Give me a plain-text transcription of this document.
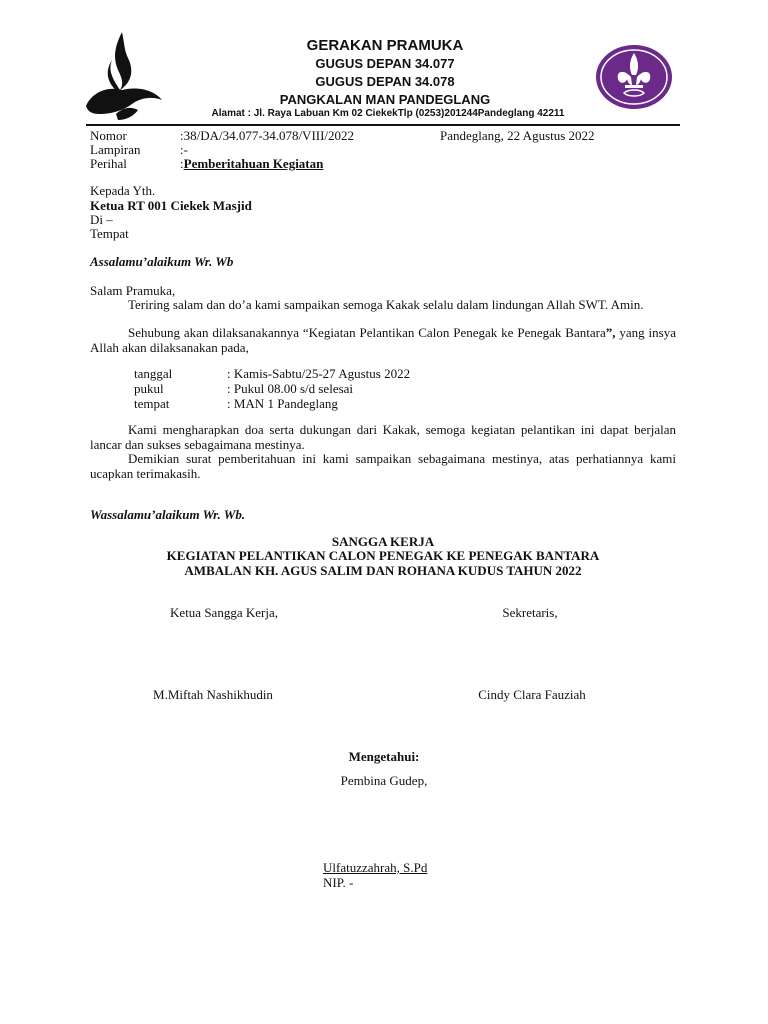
GERAKAN PRAMUKA
GUGUS DEPAN 34.077
GUGUS DEPAN 34.078
PANGKALAN MAN PANDEGLANG
Alamat : Jl. Raya Labuan Km 02 CiekekTlp (0253)201244Pandeglang 42211
Nomor	:38/DA/34.077-34.078/VIII/2022	Pandeglang, 22 Agustus 2022
Lampiran	:-
Perihal	:Pemberitahuan Kegiatan
Kepada Yth.
Ketua RT 001 Ciekek Masjid
Di –
Tempat
Assalamu’alaikum Wr. Wb
Salam Pramuka,
Teriring salam dan do’a kami sampaikan semoga Kakak selalu dalam lindungan Allah SWT. Amin.
Sehubung akan dilaksanakannya “Kegiatan Pelantikan Calon Penegak ke Penegak Bantara”, yang insya Allah akan dilaksanakan pada,
tanggal	: Kamis-Sabtu/25-27 Agustus 2022
pukul	: Pukul 08.00 s/d selesai
tempat	: MAN 1 Pandeglang
Kami mengharapkan doa serta dukungan dari Kakak, semoga kegiatan pelantikan ini dapat berjalan lancar dan sukses sebagaimana mestinya.
Demikian surat pemberitahuan ini kami sampaikan sebagaimana mestinya, atas perhatiannya kami ucapkan terimakasih.
Wassalamu’alaikum Wr. Wb.
SANGGA KERJA
KEGIATAN PELANTIKAN CALON PENEGAK KE PENEGAK BANTARA
AMBALAN KH. AGUS SALIM DAN ROHANA KUDUS TAHUN 2022
Ketua Sangga Kerja,	Sekretaris,
M.Miftah Nashikhudin	Cindy Clara Fauziah
Mengetahui:
Pembina Gudep,
Ulfatuzzahrah, S.Pd
NIP. -
